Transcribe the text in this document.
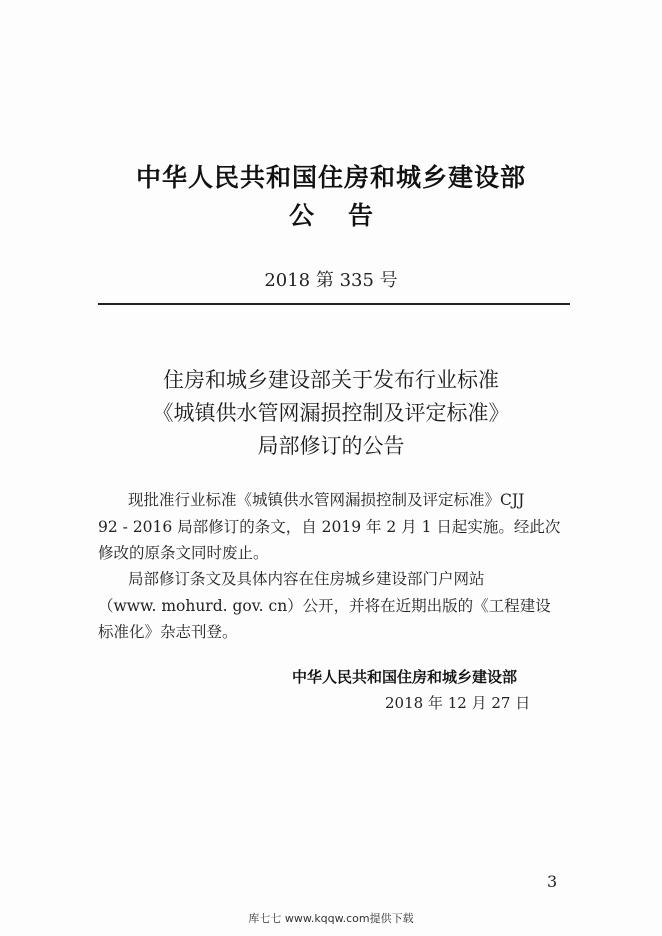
中华人民共和国住房和城乡建设部
公告
2018 第 335 号
住房和城乡建设部关于发布行业标准
《城镇供水管网漏损控制及评定标准》
局部修订的公告
现批准行业标准《城镇供水管网漏损控制及评定标准》CJJ
92 - 2016 局部修订的条文，自 2019 年 2 月 1 日起实施。经此次
修改的原条文同时废止。
局部修订条文及具体内容在住房城乡建设部门户网站
（www. mohurd. gov. cn）公开，并将在近期出版的《工程建设
标准化》杂志刊登。
中华人民共和国住房和城乡建设部
2018 年 12 月 27 日
3
库七七 www.kqqw.com提供下载
